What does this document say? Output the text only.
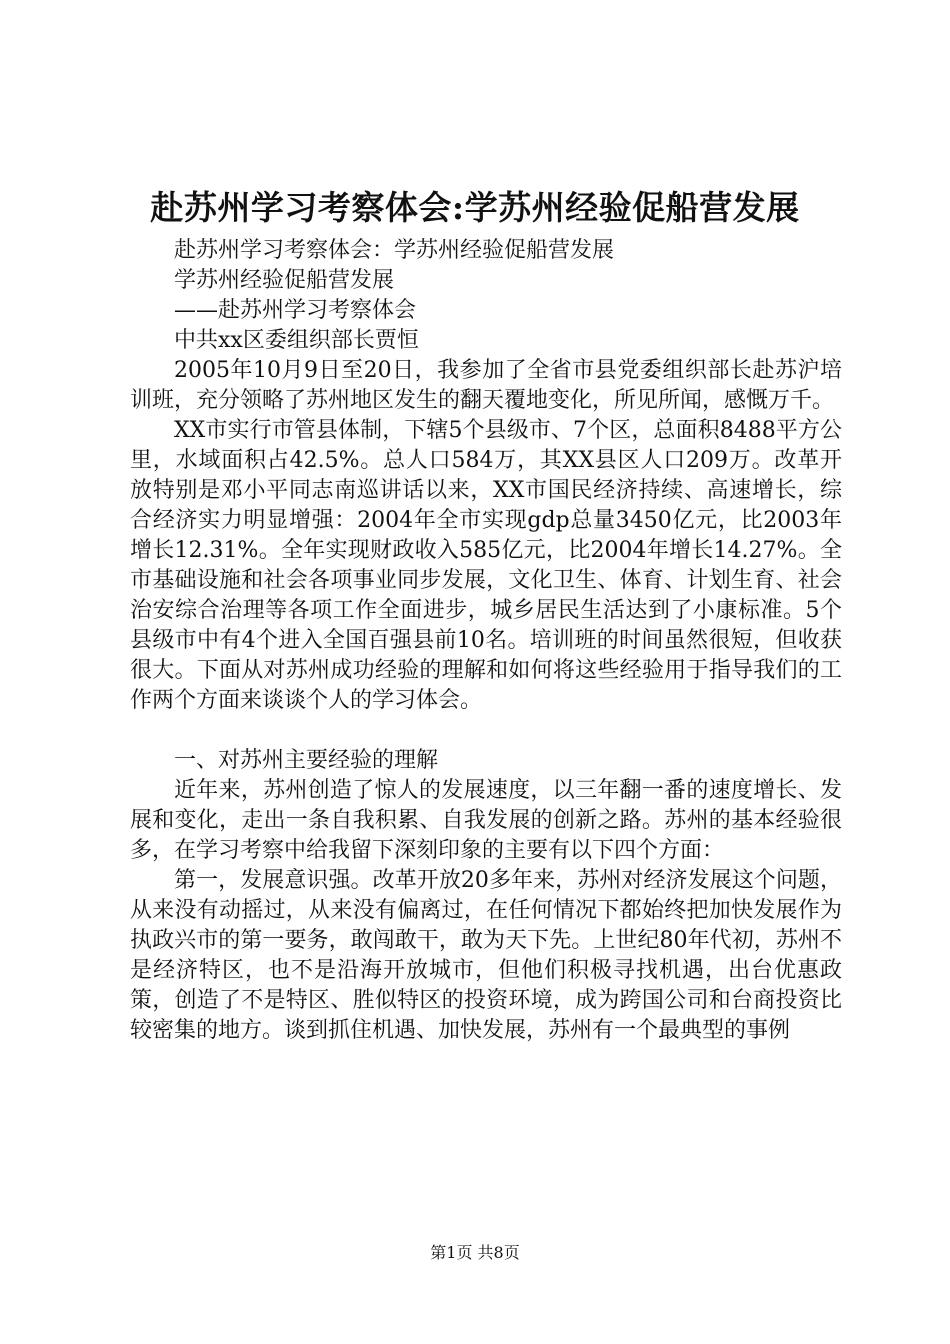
赴苏州学习考察体会:学苏州经验促船营发展

赴苏州学习考察体会：学苏州经验促船营发展

学苏州经验促船营发展

——赴苏州学习考察体会

中共xx区委组织部长贾恒

2005年10月9日至20日，我参加了全省市县党委组织部长赴苏沪培训班，充分领略了苏州地区发生的翻天覆地变化，所见所闻，感慨万千。

XX市实行市管县体制，下辖5个县级市、7个区，总面积8488平方公里，水域面积占42.5%。总人口584万，其XX县区人口209万。改革开放特别是邓小平同志南巡讲话以来，XX市国民经济持续、高速增长，综合经济实力明显增强：2004年全市实现gdp总量3450亿元，比2003年增长12.31%。全年实现财政收入585亿元，比2004年增长14.27%。全市基础设施和社会各项事业同步发展，文化卫生、体育、计划生育、社会治安综合治理等各项工作全面进步，城乡居民生活达到了小康标准。5个县级市中有4个进入全国百强县前10名。培训班的时间虽然很短，但收获很大。下面从对苏州成功经验的理解和如何将这些经验用于指导我们的工作两个方面来谈谈个人的学习体会。

一、对苏州主要经验的理解

近年来，苏州创造了惊人的发展速度，以三年翻一番的速度增长、发展和变化，走出一条自我积累、自我发展的创新之路。苏州的基本经验很多，在学习考察中给我留下深刻印象的主要有以下四个方面：

第一，发展意识强。改革开放20多年来，苏州对经济发展这个问题，从来没有动摇过，从来没有偏离过，在任何情况下都始终把加快发展作为执政兴市的第一要务，敢闯敢干，敢为天下先。上世纪80年代初，苏州不是经济特区，也不是沿海开放城市，但他们积极寻找机遇，出台优惠政策，创造了不是特区、胜似特区的投资环境，成为跨国公司和台商投资比较密集的地方。谈到抓住机遇、加快发展，苏州有一个最典型的事例

第1页 共8页
